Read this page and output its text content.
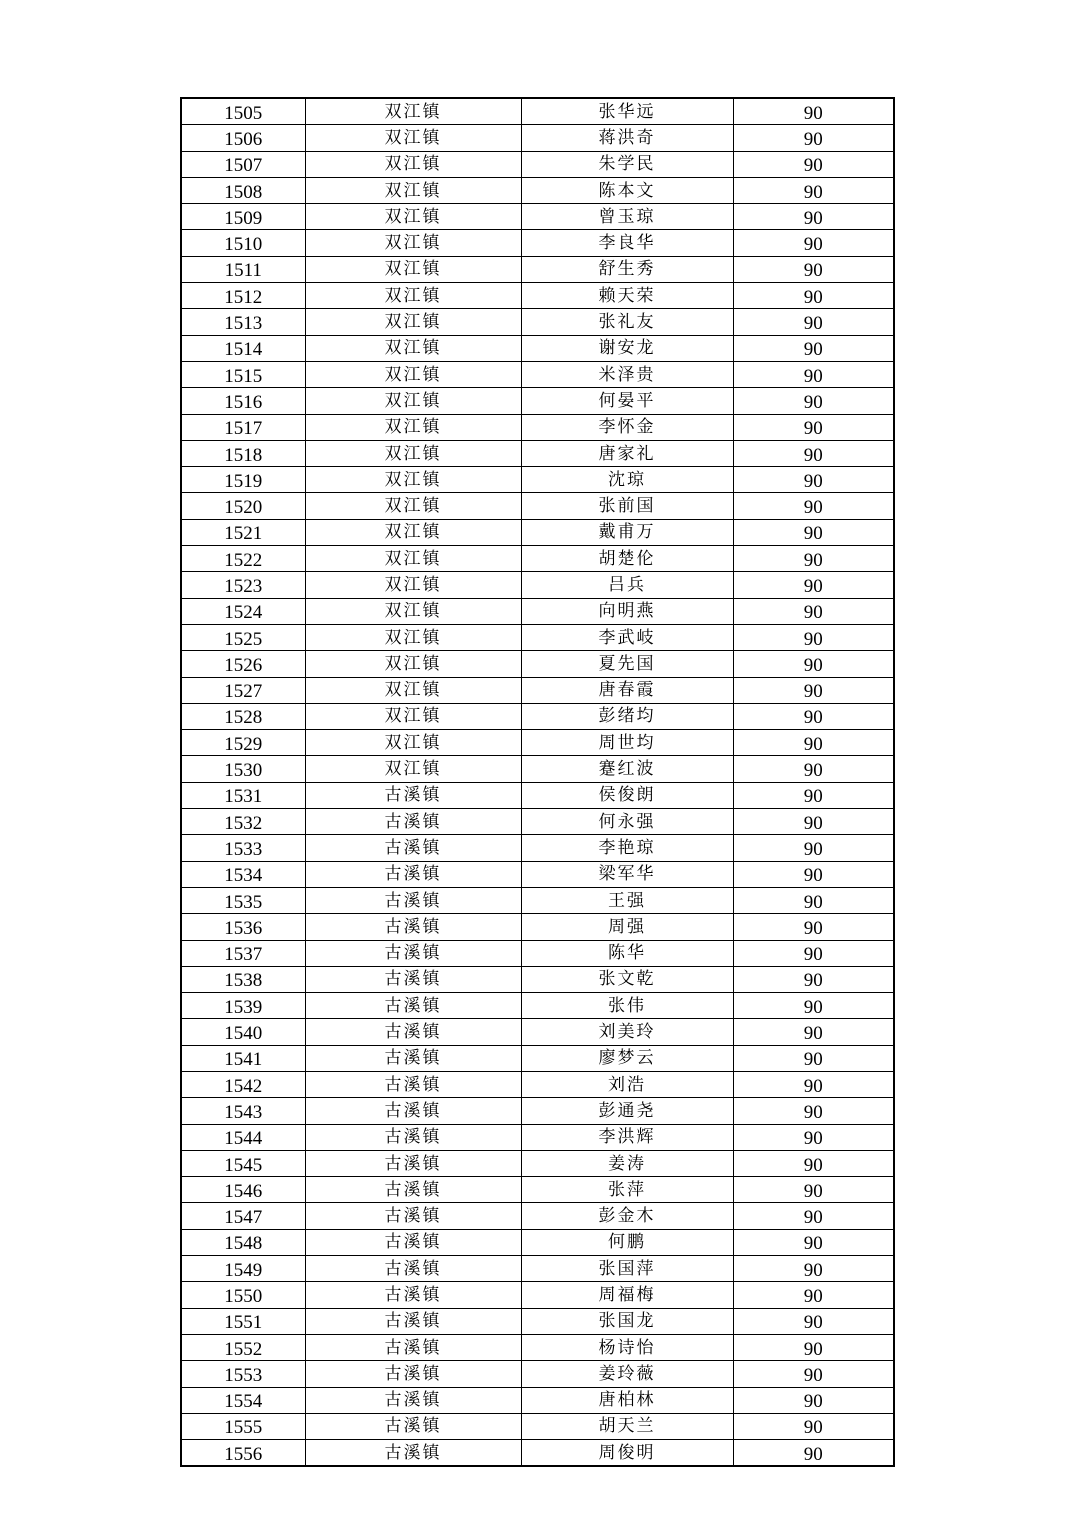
1505	双江镇	张华远	90
1506	双江镇	蒋洪奇	90
1507	双江镇	朱学民	90
1508	双江镇	陈本文	90
1509	双江镇	曾玉琼	90
1510	双江镇	李良华	90
1511	双江镇	舒生秀	90
1512	双江镇	赖天荣	90
1513	双江镇	张礼友	90
1514	双江镇	谢安龙	90
1515	双江镇	米泽贵	90
1516	双江镇	何晏平	90
1517	双江镇	李怀金	90
1518	双江镇	唐家礼	90
1519	双江镇	沈琼	90
1520	双江镇	张前国	90
1521	双江镇	戴甫万	90
1522	双江镇	胡楚伦	90
1523	双江镇	吕兵	90
1524	双江镇	向明燕	90
1525	双江镇	李武岐	90
1526	双江镇	夏先国	90
1527	双江镇	唐春霞	90
1528	双江镇	彭绪均	90
1529	双江镇	周世均	90
1530	双江镇	蹇红波	90
1531	古溪镇	侯俊朗	90
1532	古溪镇	何永强	90
1533	古溪镇	李艳琼	90
1534	古溪镇	梁军华	90
1535	古溪镇	王强	90
1536	古溪镇	周强	90
1537	古溪镇	陈华	90
1538	古溪镇	张文乾	90
1539	古溪镇	张伟	90
1540	古溪镇	刘美玲	90
1541	古溪镇	廖梦云	90
1542	古溪镇	刘浩	90
1543	古溪镇	彭通尧	90
1544	古溪镇	李洪辉	90
1545	古溪镇	姜涛	90
1546	古溪镇	张萍	90
1547	古溪镇	彭金木	90
1548	古溪镇	何鹏	90
1549	古溪镇	张国萍	90
1550	古溪镇	周福梅	90
1551	古溪镇	张国龙	90
1552	古溪镇	杨诗怡	90
1553	古溪镇	姜玲薇	90
1554	古溪镇	唐柏林	90
1555	古溪镇	胡天兰	90
1556	古溪镇	周俊明	90
